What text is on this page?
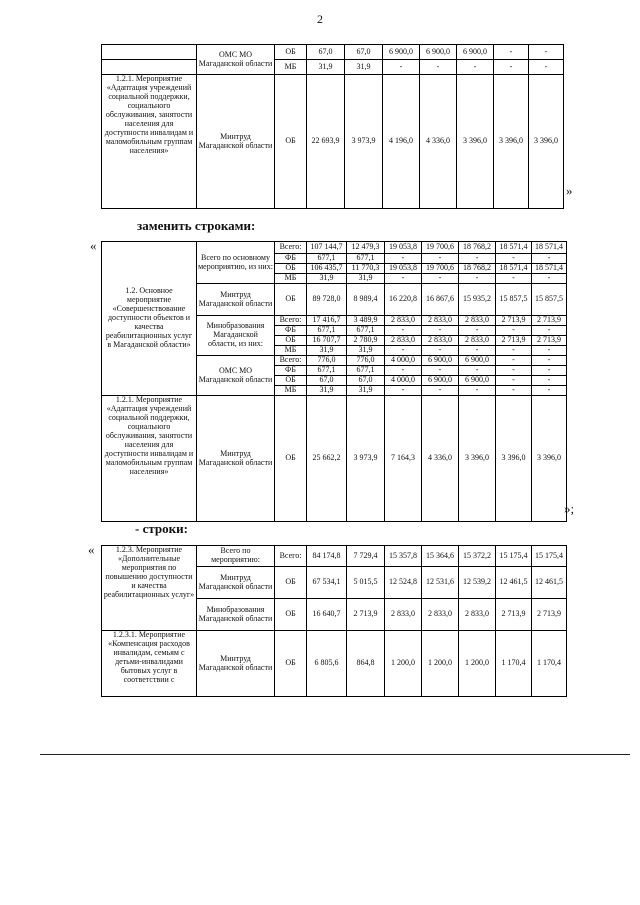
2
	ОМС МО Магаданской области	ОБ	67,0	67,0	6 900,0	6 900,0	6 900,0	-	-
		МБ	31,9	31,9	-	-	-	-	-
1.2.1. Мероприятие «Адаптация учреждений социальной поддержки, социального обслуживания, занятости населения для доступности инвалидам и маломобильным группам населения»	Минтруд Магаданской области	ОБ	22 693,9	3 973,9	4 196,0	4 336,0	3 396,0	3 396,0	3 396,0
»
заменить строками:
«
1.2. Основное мероприятие «Совершенствование доступности объектов и качества реабилитационных услуг в Магаданской области»	Всего по основному мероприятию, из них:	Всего:	107 144,7	12 479,3	19 053,8	19 700,6	18 768,2	18 571,4	18 571,4
		ФБ	677,1	677,1	-	-	-	-	-
		ОБ	106 435,7	11 770,3	19 053,8	19 700,6	18 768,2	18 571,4	18 571,4
		МБ	31,9	31,9	-	-	-	-	-
	Минтруд Магаданской области	ОБ	89 728,0	8 989,4	16 220,8	16 867,6	15 935,2	15 857,5	15 857,5
	Минобразования Магаданской области, из них:	Всего:	17 416,7	3 489,9	2 833,0	2 833,0	2 833,0	2 713,9	2 713,9
		ФБ	677,1	677,1	-	-	-	-	-
		ОБ	16 707,7	2 780,9	2 833,0	2 833,0	2 833,0	2 713,9	2 713,9
		МБ	31,9	31,9	-	-	-	-	-
	ОМС МО Магаданской области	Всего:	776,0	776,0	4 000,0	6 900,0	6 900,0	-	-
		ФБ	677,1	677,1	-	-	-	-	-
		ОБ	67,0	67,0	4 000,0	6 900,0	6 900,0	-	-
		МБ	31,9	31,9	-	-	-	-	-
1.2.1. Мероприятие «Адаптация учреждений социальной поддержки, социального обслуживания, занятости населения для доступности инвалидам и маломобильным группам населения»	Минтруд Магаданской области	ОБ	25 662,2	3 973,9	7 164,3	4 336,0	3 396,0	3 396,0	3 396,0
»;
- строки:
«	1.2.3. Мероприятие «Дополнительные мероприятия по повышению доступности и качества реабилитационных услуг»	Всего по мероприятию:	Всего:	84 174,8	7 729,4	15 357,8	15 364,6	15 372,2	15 175,4	15 175,4
	Минтруд Магаданской области	ОБ	67 534,1	5 015,5	12 524,8	12 531,6	12 539,2	12 461,5	12 461,5
	Минобразования Магаданской области	ОБ	16 640,7	2 713,9	2 833,0	2 833,0	2 833,0	2 713,9	2 713,9
1.2.3.1. Мероприятие «Компенсация расходов инвалидам, семьям с детьми-инвалидами бытовых услуг в соответствии с	Минтруд Магаданской области	ОБ	6 805,6	864,8	1 200,0	1 200,0	1 200,0	1 170,4	1 170,4
